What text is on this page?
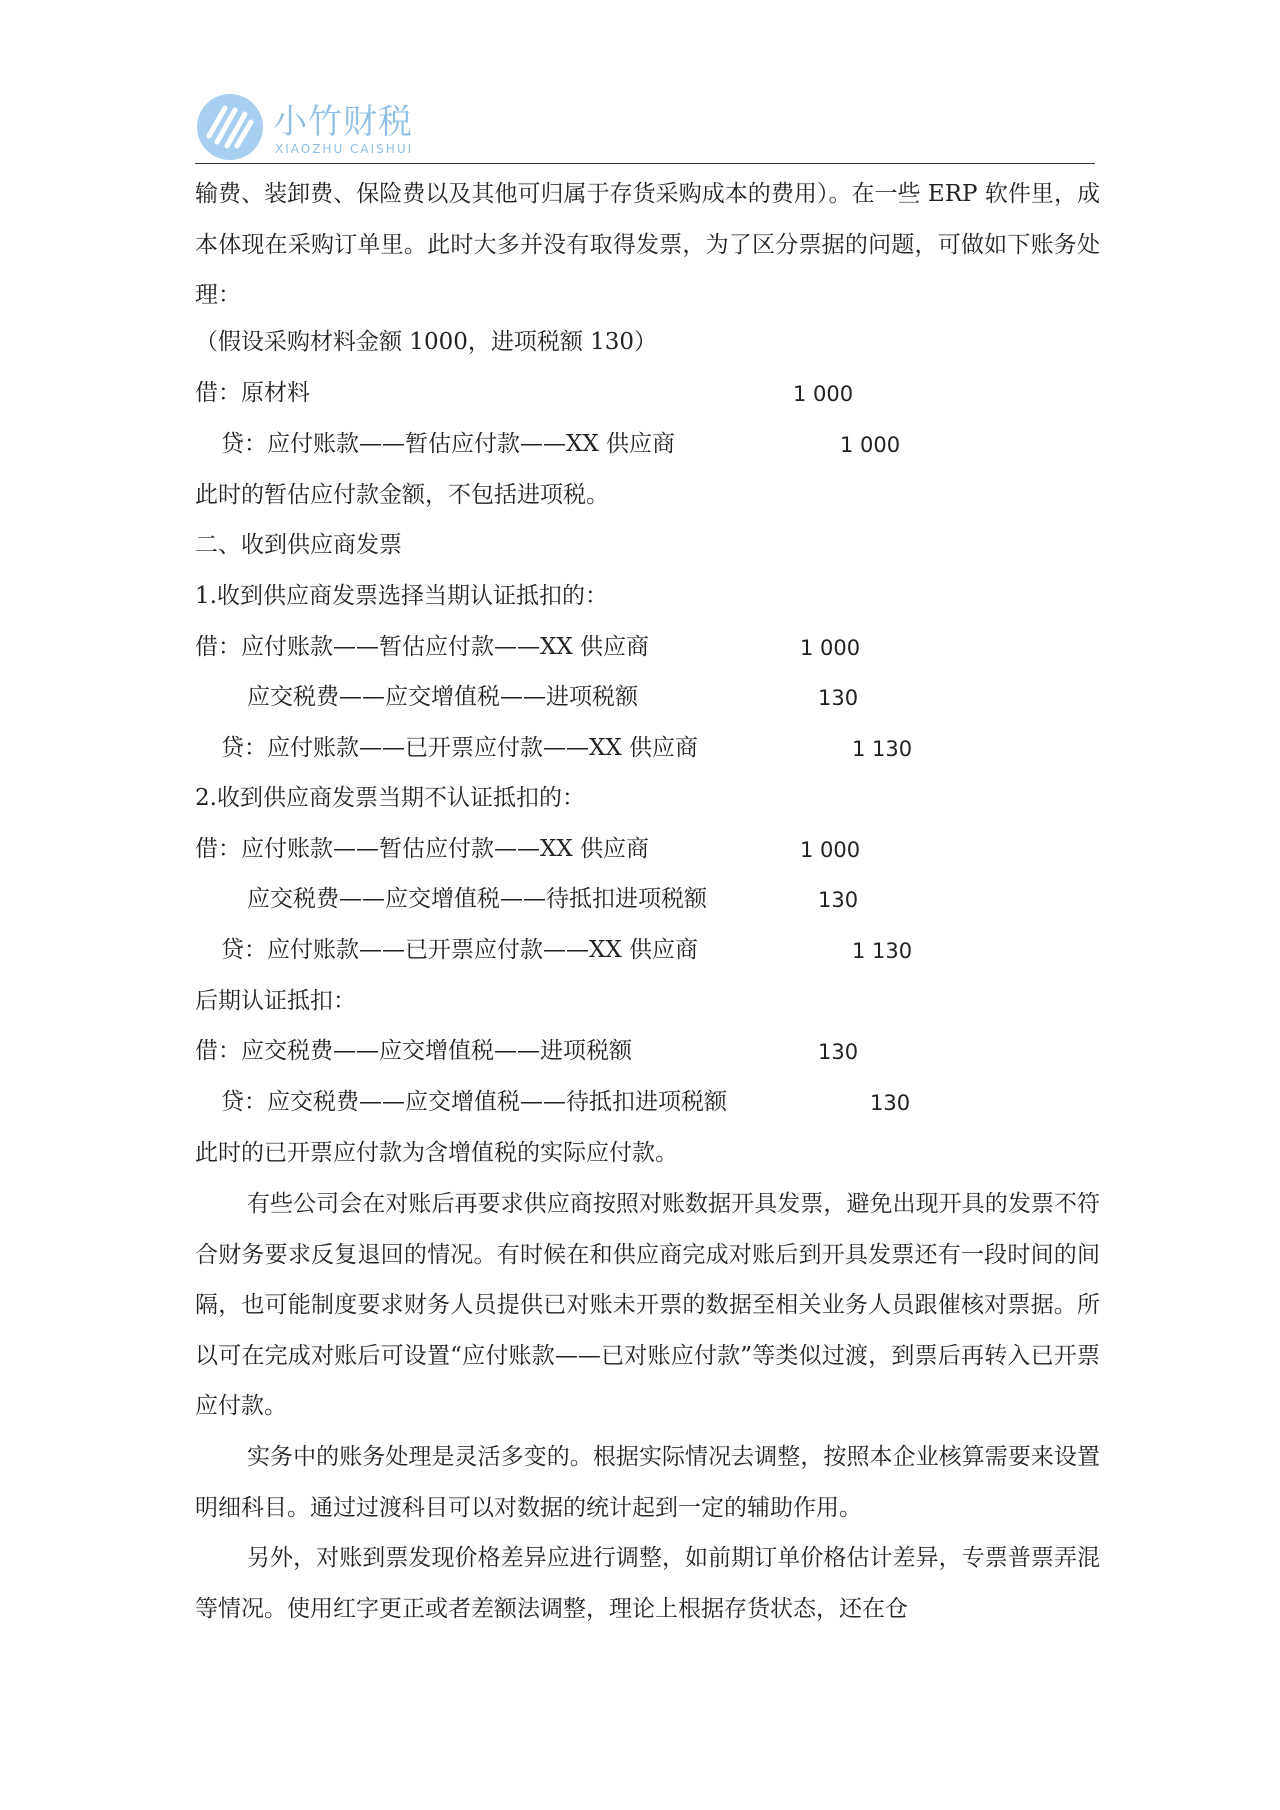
小竹财税
XIAOZHU CAISHUI
输费、装卸费、保险费以及其他可归属于存货采购成本的费用）。在一些 ERP 软件里，成本体现在采购订单里。此时大多并没有取得发票，为了区分票据的问题，可做如下账务处理：
（假设采购材料金额 1000，进项税额 130）
借：原材料	1 000
贷：应付账款——暂估应付款——XX 供应商	1 000
此时的暂估应付款金额，不包括进项税。
二、收到供应商发票
1.收到供应商发票选择当期认证抵扣的：
借：应付账款——暂估应付款——XX 供应商	1 000
应交税费——应交增值税——进项税额	130
贷：应付账款——已开票应付款——XX 供应商	1 130
2.收到供应商发票当期不认证抵扣的：
借：应付账款——暂估应付款——XX 供应商	1 000
应交税费——应交增值税——待抵扣进项税额	130
贷：应付账款——已开票应付款——XX 供应商	1 130
后期认证抵扣：
借：应交税费——应交增值税——进项税额	130
贷：应交税费——应交增值税——待抵扣进项税额	130
此时的已开票应付款为含增值税的实际应付款。
有些公司会在对账后再要求供应商按照对账数据开具发票，避免出现开具的发票不符合财务要求反复退回的情况。有时候在和供应商完成对账后到开具发票还有一段时间的间隔，也可能制度要求财务人员提供已对账未开票的数据至相关业务人员跟催核对票据。所以可在完成对账后可设置“应付账款——已对账应付款”等类似过渡，到票后再转入已开票应付款。
实务中的账务处理是灵活多变的。根据实际情况去调整，按照本企业核算需要来设置明细科目。通过过渡科目可以对数据的统计起到一定的辅助作用。
另外，对账到票发现价格差异应进行调整，如前期订单价格估计差异，专票普票弄混等情况。使用红字更正或者差额法调整，理论上根据存货状态，还在仓
